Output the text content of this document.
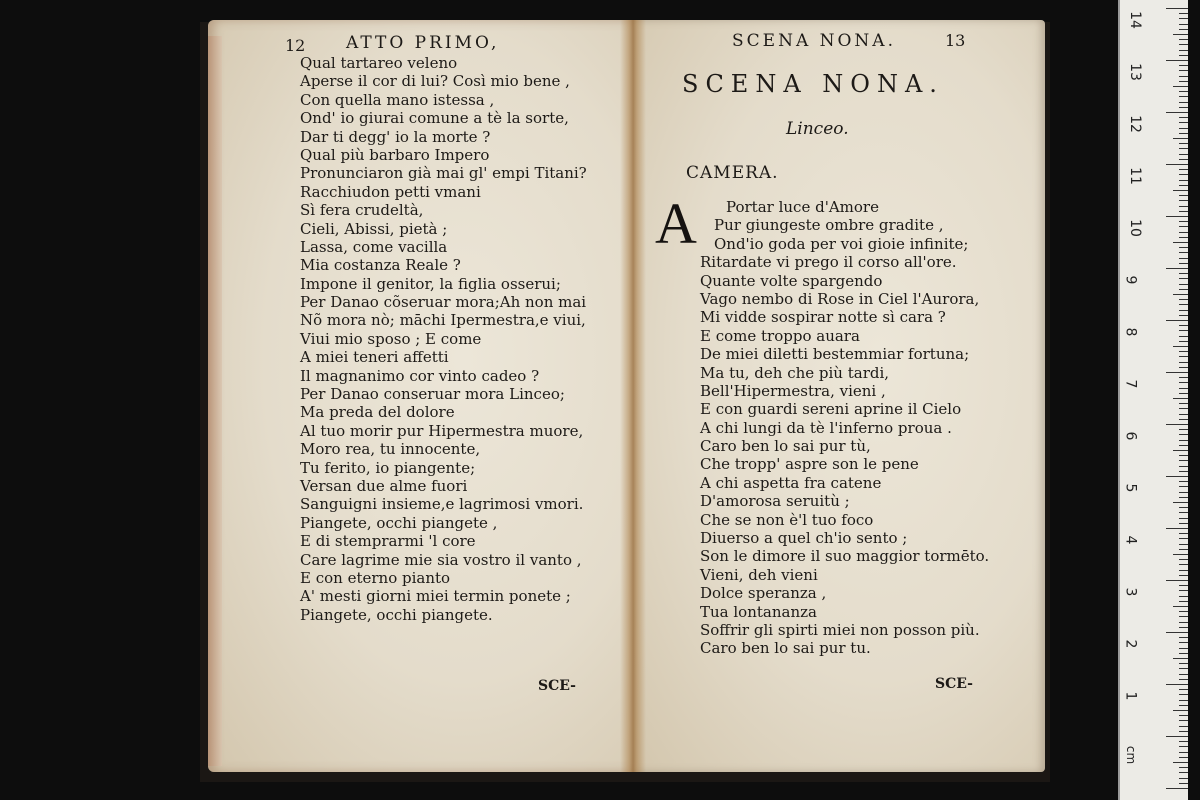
12 ATTO PRIMO,
Qual tartareo veleno
Aperse il cor di lui? Così mio bene ,
Con quella mano istessa ,
Ond' io giurai comune a tè la sorte,
Dar ti degg' io la morte ?
Qual più barbaro Impero
Pronunciaron già mai gl' empi Titani?
Racchiudon petti vmani
Sì fera crudeltà,
Cieli, Abissi, pietà ;
Lassa, come vacilla
Mia costanza Reale ?
Impone il genitor, la figlia osserui;
Per Danao cõseruar mora;Ah non mai
Nõ mora nò; māchi Ipermestra,e viui,
Viui mio sposo ; E come
A miei teneri affetti
Il magnanimo cor vinto cadeo ?
Per Danao conseruar mora Linceo;
Ma preda del dolore
Al tuo morir pur Hipermestra muore,
Moro rea, tu innocente,
Tu ferito, io piangente;
Versan due alme fuori
Sanguigni insieme,e lagrimosi vmori.
Piangete, occhi piangete ,
E di stemprarmi 'l core
Care lagrime mie sia vostro il vanto ,
E con eterno pianto
A' mesti giorni miei termin ponete ;
Piangete, occhi piangete.
SCE-
SCENA NONA.	13
SCENA NONA.
Linceo.
CAMERA.
A	Portar luce d'Amore
Pur giungeste ombre gradite ,
Ond'io goda per voi gioie infinite;
Ritardate vi prego il corso all'ore.
Quante volte spargendo
Vago nembo di Rose in Ciel l'Aurora,
Mi vidde sospirar notte sì cara ?
E come troppo auara
De miei diletti bestemmiar fortuna;
Ma tu, deh che più tardi,
Bell'Hipermestra, vieni ,
E con guardi sereni aprine il Cielo
A chi lungi da tè l'inferno proua .
Caro ben lo sai pur tù,
Che tropp' aspre son le pene
A chi aspetta fra catene
D'amorosa seruitù ;
Che se non è'l tuo foco
Diuerso a quel ch'io sento ;
Son le dimore il suo maggior tormēto.
Vieni, deh vieni
Dolce speranza ,
Tua lontananza
Soffrir gli spirti miei non posson più.
Caro ben lo sai pur tu.
SCE-
cm
14
13
12
11
10
9
8
7
6
5
4
3
2
1
